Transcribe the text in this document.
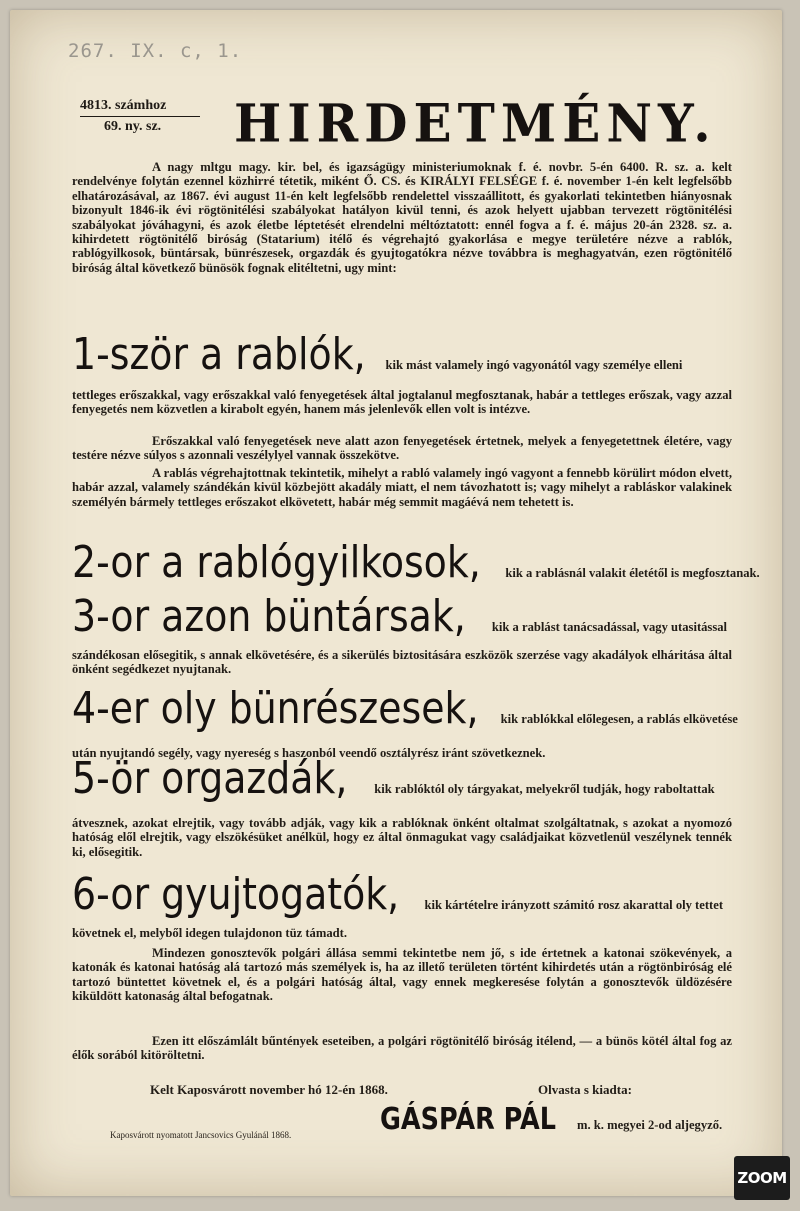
267. IX. c, 1.
4813. számhoz
69. ny. sz.	HIRDETMÉNY.
A nagy mltgu magy. kir. bel, és igazságügy ministeriumoknak f. é. novbr. 5-én 6400. R. sz. a. kelt rendelvénye folytán ezennel közhirré tétetik, miként Ő. CS. és KIRÁLYI FELSÉGE f. é. november 1-én kelt legfelsőbb elhatározásával, az 1867. évi august 11-én kelt legfelsőbb rendelettel visszaállitott, és gyakorlati tekintetben hiányosnak bizonyult 1846-ik évi rögtönitélési szabályokat hatályon kivül tenni, és azok helyett ujabban tervezett rögtönitélési szabályokat jóváhagyni, és azok életbe léptetését elrendelni méltóztatott: ennél fogva a f. é. május 20-án 2328. sz. a. kihirdetett rögtönitélő biróság (Statarium) itélő és végrehajtó gyakorlása e megye területére nézve a rablók, rablógyilkosok, büntársak, bünrészesek, orgazdák és gyujtogatókra nézve továbbra is meghagyatván, ezen rögtönitélő biróság által következő bünösök fognak elitéltetni, ugy mint:
1-ször a rablók, kik mást valamely ingó vagyonától vagy személye elleni
tettleges erőszakkal, vagy erőszakkal való fenyegetések által jogtalanul megfosztanak, habár a tettleges erőszak, vagy azzal fenyegetés nem közvetlen a kirabolt egyén, hanem más jelenlevők ellen volt is intézve.
Erőszakkal való fenyegetések neve alatt azon fenyegetések értetnek, melyek a fenyegetettnek életére, vagy testére nézve súlyos s azonnali veszélylyel vannak összekötve.
A rablás végrehajtottnak tekintetik, mihelyt a rabló valamely ingó vagyont a fennebb körülirt módon elvett, habár azzal, valamely szándékán kivül közbejött akadály miatt, el nem távozhatott is; vagy mihelyt a rabláskor valakinek személyén bármely tettleges erőszakot elkövetett, habár még semmit magáévá nem tehetett is.
2-or a rablógyilkosok, kik a rablásnál valakit életétől is megfosztanak.
3-or azon büntársak, kik a rablást tanácsadással, vagy utasitással
szándékosan elősegitik, s annak elkövetésére, és a sikerülés biztositására eszközök szerzése vagy akadályok elháritása által önként segédkezet nyujtanak.
4-er oly bünrészesek, kik rablókkal előlegesen, a rablás elkövetése
után nyujtandó segély, vagy nyereség s haszonból veendő osztályrész iránt szövetkeznek.
5-ör orgazdák, kik rablóktól oly tárgyakat, melyekről tudják, hogy raboltattak
átvesznek, azokat elrejtik, vagy tovább adják, vagy kik a rablóknak önként oltalmat szolgáltatnak, s azokat a nyomozó hatóság elől elrejtik, vagy elszökésüket anélkül, hogy ez által önmagukat vagy családjaikat közvetlenül veszélynek tennék ki, elősegitik.
6-or gyujtogatók, kik kártételre irányzott számitó rosz akarattal oly tettet
követnek el, melyből idegen tulajdonon tüz támadt.
Mindezen gonosztevők polgári állása semmi tekintetbe nem jő, s ide értetnek a katonai szökevények, a katonák és katonai hatóság alá tartozó más személyek is, ha az illető területen történt kihirdetés után a rögtönbiróság elé tartozó büntettet követnek el, és a polgári hatóság által, vagy ennek megkeresése folytán a gonosztevők üldözésére kiküldött katonaság által befogatnak.
Ezen itt előszámlált bűntények eseteiben, a polgári rögtönitélő biróság itélend, — a bünös kötél által fog az élők sorából kitöröltetni.
Kelt Kaposvárott november hó 12-én 1868.	Olvasta s kiadta:
GÁSPÁR PÁL m. k. megyei 2-od aljegyző.
Kaposvárott nyomatott Jancsovics Gyulánál 1868.
ZOOM
